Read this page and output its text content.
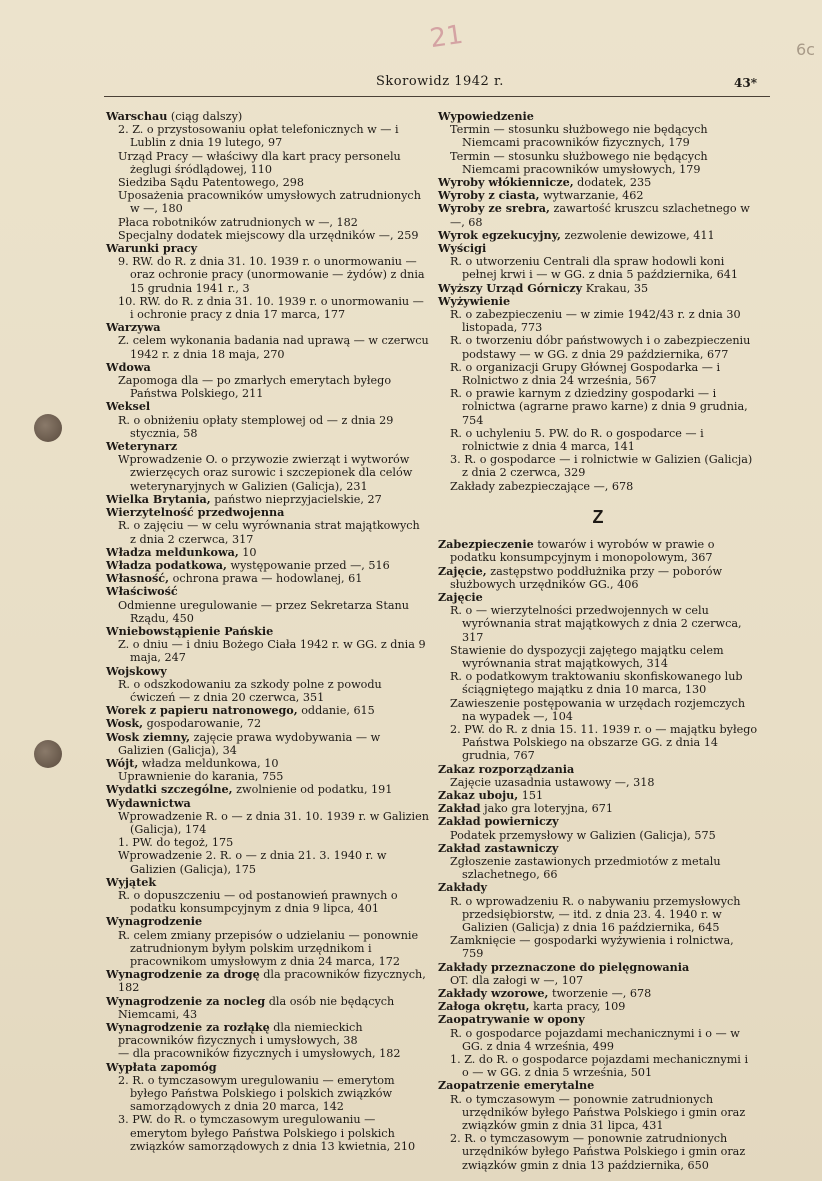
21	6c
Skorowidz 1942 r.	43*
Warschau (ciąg dalszy)
2. Z. o przystosowaniu opłat telefonicznych w — i Lublin z dnia 19 lutego, 97
Urząd Pracy — właściwy dla kart pracy personelu żeglugi śródlądowej, 110
Siedziba Sądu Patentowego, 298
Uposażenia pracowników umysłowych zatrudnionych w —, 180
Płaca robotników zatrudnionych w —, 182
Specjalny dodatek miejscowy dla urzędników —, 259
Warunki pracy
9. RW. do R. z dnia 31. 10. 1939 r. o unormowaniu — oraz ochronie pracy (unormowanie — żydów) z dnia 15 grudnia 1941 r., 3
10. RW. do R. z dnia 31. 10. 1939 r. o unormowaniu — i ochronie pracy z dnia 17 marca, 177
Warzywa
Z. celem wykonania badania nad uprawą — w czerwcu 1942 r. z dnia 18 maja, 270
Wdowa
Zapomoga dla — po zmarłych emerytach byłego Państwa Polskiego, 211
Weksel
R. o obniżeniu opłaty stemplowej od — z dnia 29 stycznia, 58
Weterynarz
Wprowadzenie O. o przywozie zwierząt i wytworów zwierzęcych oraz surowic i szczepionek dla celów weterynaryjnych w Galizien (Galicja), 231
Wielka Brytania, państwo nieprzyjacielskie, 27
Wierzytelność przedwojenna
R. o zajęciu — w celu wyrównania strat majątkowych z dnia 2 czerwca, 317
Władza meldunkowa, 10
Władza podatkowa, występowanie przed —, 516
Własność, ochrona prawa — hodowlanej, 61
Właściwość
Odmienne uregulowanie — przez Sekretarza Stanu Rządu, 450
Wniebowstąpienie Pańskie
Z. o dniu — i dniu Bożego Ciała 1942 r. w GG. z dnia 9 maja, 247
Wojskowy
R. o odszkodowaniu za szkody polne z powodu ćwiczeń — z dnia 20 czerwca, 351
Worek z papieru natronowego, oddanie, 615
Wosk, gospodarowanie, 72
Wosk ziemny, zajęcie prawa wydobywania — w Galizien (Galicja), 34
Wójt, władza meldunkowa, 10
Uprawnienie do karania, 755
Wydatki szczególne, zwolnienie od podatku, 191
Wydawnictwa
Wprowadzenie R. o — z dnia 31. 10. 1939 r. w Galizien (Galicja), 174
1. PW. do tegoż, 175
Wprowadzenie 2. R. o — z dnia 21. 3. 1940 r. w Galizien (Galicja), 175
Wyjątek
R. o dopuszczeniu — od postanowień prawnych o podatku konsumpcyjnym z dnia 9 lipca, 401
Wynagrodzenie
R. celem zmiany przepisów o udzielaniu — ponownie zatrudnionym byłym polskim urzędnikom i pracownikom umysłowym z dnia 24 marca, 172
Wynagrodzenie za drogę dla pracowników fizycznych, 182
Wynagrodzenie za nocleg dla osób nie będących Niemcami, 43
Wynagrodzenie za rozłąkę dla niemieckich pracowników fizycznych i umysłowych, 38
— dla pracowników fizycznych i umysłowych, 182
Wypłata zapomóg
2. R. o tymczasowym uregulowaniu — emerytom byłego Państwa Polskiego i polskich związków samorządowych z dnia 20 marca, 142
3. PW. do R. o tymczasowym uregulowaniu — emerytom byłego Państwa Polskiego i polskich związków samorządowych z dnia 13 kwietnia, 210
Wypowiedzenie
Termin — stosunku służbowego nie będących Niemcami pracowników fizycznych, 179
Termin — stosunku służbowego nie będących Niemcami pracowników umysłowych, 179
Wyroby włókiennicze, dodatek, 235
Wyroby z ciasta, wytwarzanie, 462
Wyroby ze srebra, zawartość kruszcu szlachetnego w —, 68
Wyrok egzekucyjny, zezwolenie dewizowe, 411
Wyścigi
R. o utworzeniu Centrali dla spraw hodowli koni pełnej krwi i — w GG. z dnia 5 października, 641
Wyższy Urząd Górniczy Krakau, 35
Wyżywienie
R. o zabezpieczeniu — w zimie 1942/43 r. z dnia 30 listopada, 773
R. o tworzeniu dóbr państwowych i o zabezpieczeniu podstawy — w GG. z dnia 29 października, 677
R. o organizacji Grupy Głównej Gospodarka — i Rolnictwo z dnia 24 września, 567
R. o prawie karnym z dziedziny gospodarki — i rolnictwa (agrarne prawo karne) z dnia 9 grudnia, 754
R. o uchyleniu 5. PW. do R. o gospodarce — i rolnictwie z dnia 4 marca, 141
3. R. o gospodarce — i rolnictwie w Galizien (Galicja) z dnia 2 czerwca, 329
Zakłady zabezpieczające —, 678
Z
Zabezpieczenie towarów i wyrobów w prawie o podatku konsumpcyjnym i monopolowym, 367
Zajęcie, zastępstwo poddłużnika przy — poborów służbowych urzędników GG., 406
Zajęcie
R. o — wierzytelności przedwojennych w celu wyrównania strat majątkowych z dnia 2 czerwca, 317
Stawienie do dyspozycji zajętego majątku celem wyrównania strat majątkowych, 314
R. o podatkowym traktowaniu skonfiskowanego lub ściągniętego majątku z dnia 10 marca, 130
Zawieszenie postępowania w urzędach rozjemczych na wypadek —, 104
2. PW. do R. z dnia 15. 11. 1939 r. o — majątku byłego Państwa Polskiego na obszarze GG. z dnia 14 grudnia, 767
Zakaz rozporządzania
Zajęcie uzasadnia ustawowy —, 318
Zakaz uboju, 151
Zakład jako gra loteryjna, 671
Zakład powierniczy
Podatek przemysłowy w Galizien (Galicja), 575
Zakład zastawniczy
Zgłoszenie zastawionych przedmiotów z metalu szlachetnego, 66
Zakłady
R. o wprowadzeniu R. o nabywaniu przemysłowych przedsiębiorstw, — itd. z dnia 23. 4. 1940 r. w Galizien (Galicja) z dnia 16 października, 645
Zamknięcie — gospodarki wyżywienia i rolnictwa, 759
Zakłady przeznaczone do pielęgnowania
OT. dla załogi w —, 107
Zakłady wzorowe, tworzenie —, 678
Załoga okrętu, karta pracy, 109
Zaopatrywanie w opony
R. o gospodarce pojazdami mechanicznymi i o — w GG. z dnia 4 września, 499
1. Z. do R. o gospodarce pojazdami mechanicznymi i o — w GG. z dnia 5 września, 501
Zaopatrzenie emerytalne
R. o tymczasowym — ponownie zatrudnionych urzędników byłego Państwa Polskiego i gmin oraz związków gmin z dnia 31 lipca, 431
2. R. o tymczasowym — ponownie zatrudnionych urzędników byłego Państwa Polskiego i gmin oraz związków gmin z dnia 13 października, 650
